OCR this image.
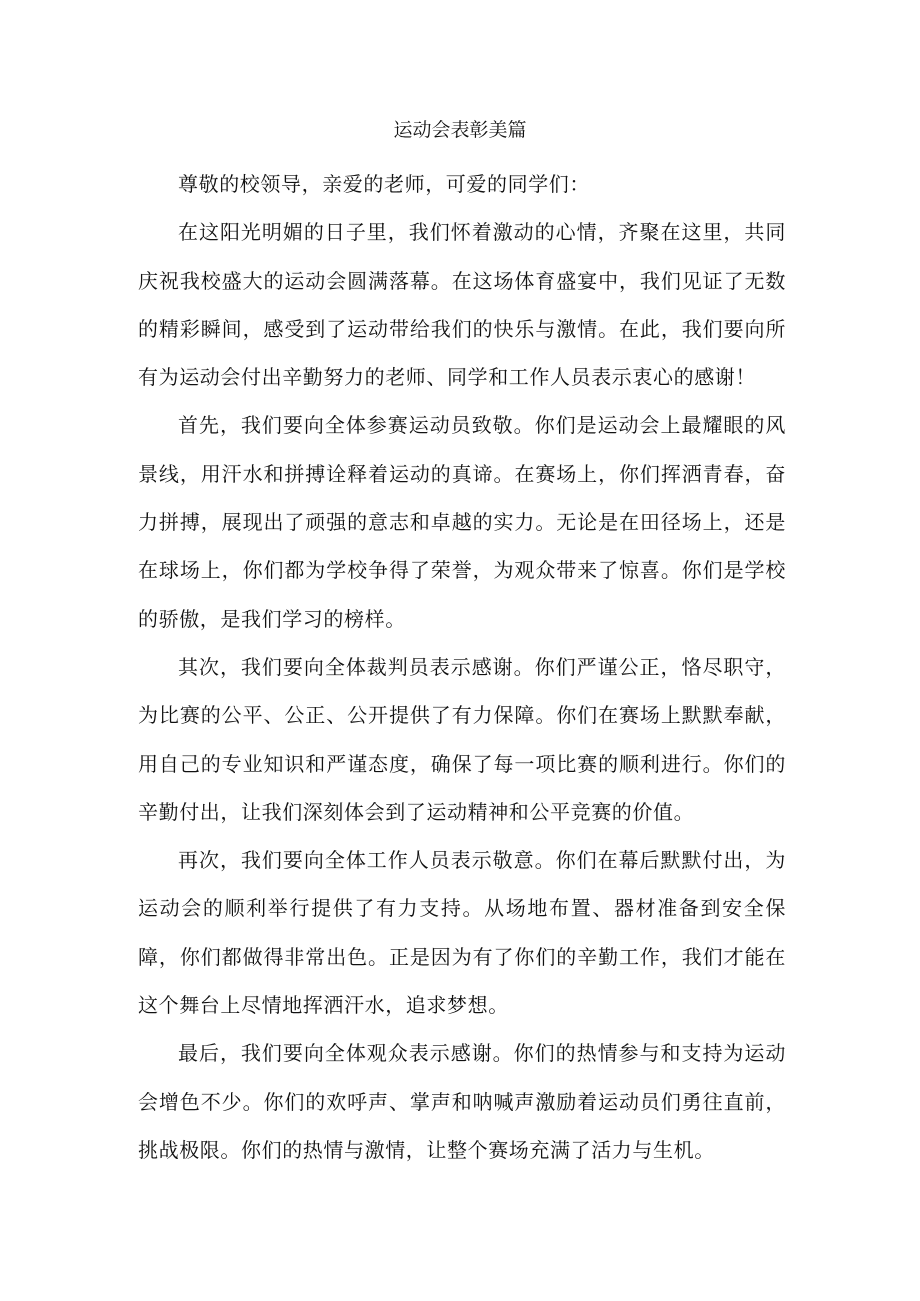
运动会表彰美篇

尊敬的校领导，亲爱的老师，可爱的同学们：

在这阳光明媚的日子里，我们怀着激动的心情，齐聚在这里，共同庆祝我校盛大的运动会圆满落幕。在这场体育盛宴中，我们见证了无数的精彩瞬间，感受到了运动带给我们的快乐与激情。在此，我们要向所有为运动会付出辛勤努力的老师、同学和工作人员表示衷心的感谢！

首先，我们要向全体参赛运动员致敬。你们是运动会上最耀眼的风景线，用汗水和拼搏诠释着运动的真谛。在赛场上，你们挥洒青春，奋力拼搏，展现出了顽强的意志和卓越的实力。无论是在田径场上，还是在球场上，你们都为学校争得了荣誉，为观众带来了惊喜。你们是学校的骄傲，是我们学习的榜样。

其次，我们要向全体裁判员表示感谢。你们严谨公正，恪尽职守，为比赛的公平、公正、公开提供了有力保障。你们在赛场上默默奉献，用自己的专业知识和严谨态度，确保了每一项比赛的顺利进行。你们的辛勤付出，让我们深刻体会到了运动精神和公平竞赛的价值。

再次，我们要向全体工作人员表示敬意。你们在幕后默默付出，为运动会的顺利举行提供了有力支持。从场地布置、器材准备到安全保障，你们都做得非常出色。正是因为有了你们的辛勤工作，我们才能在这个舞台上尽情地挥洒汗水，追求梦想。

最后，我们要向全体观众表示感谢。你们的热情参与和支持为运动会增色不少。你们的欢呼声、掌声和呐喊声激励着运动员们勇往直前，挑战极限。你们的热情与激情，让整个赛场充满了活力与生机。
